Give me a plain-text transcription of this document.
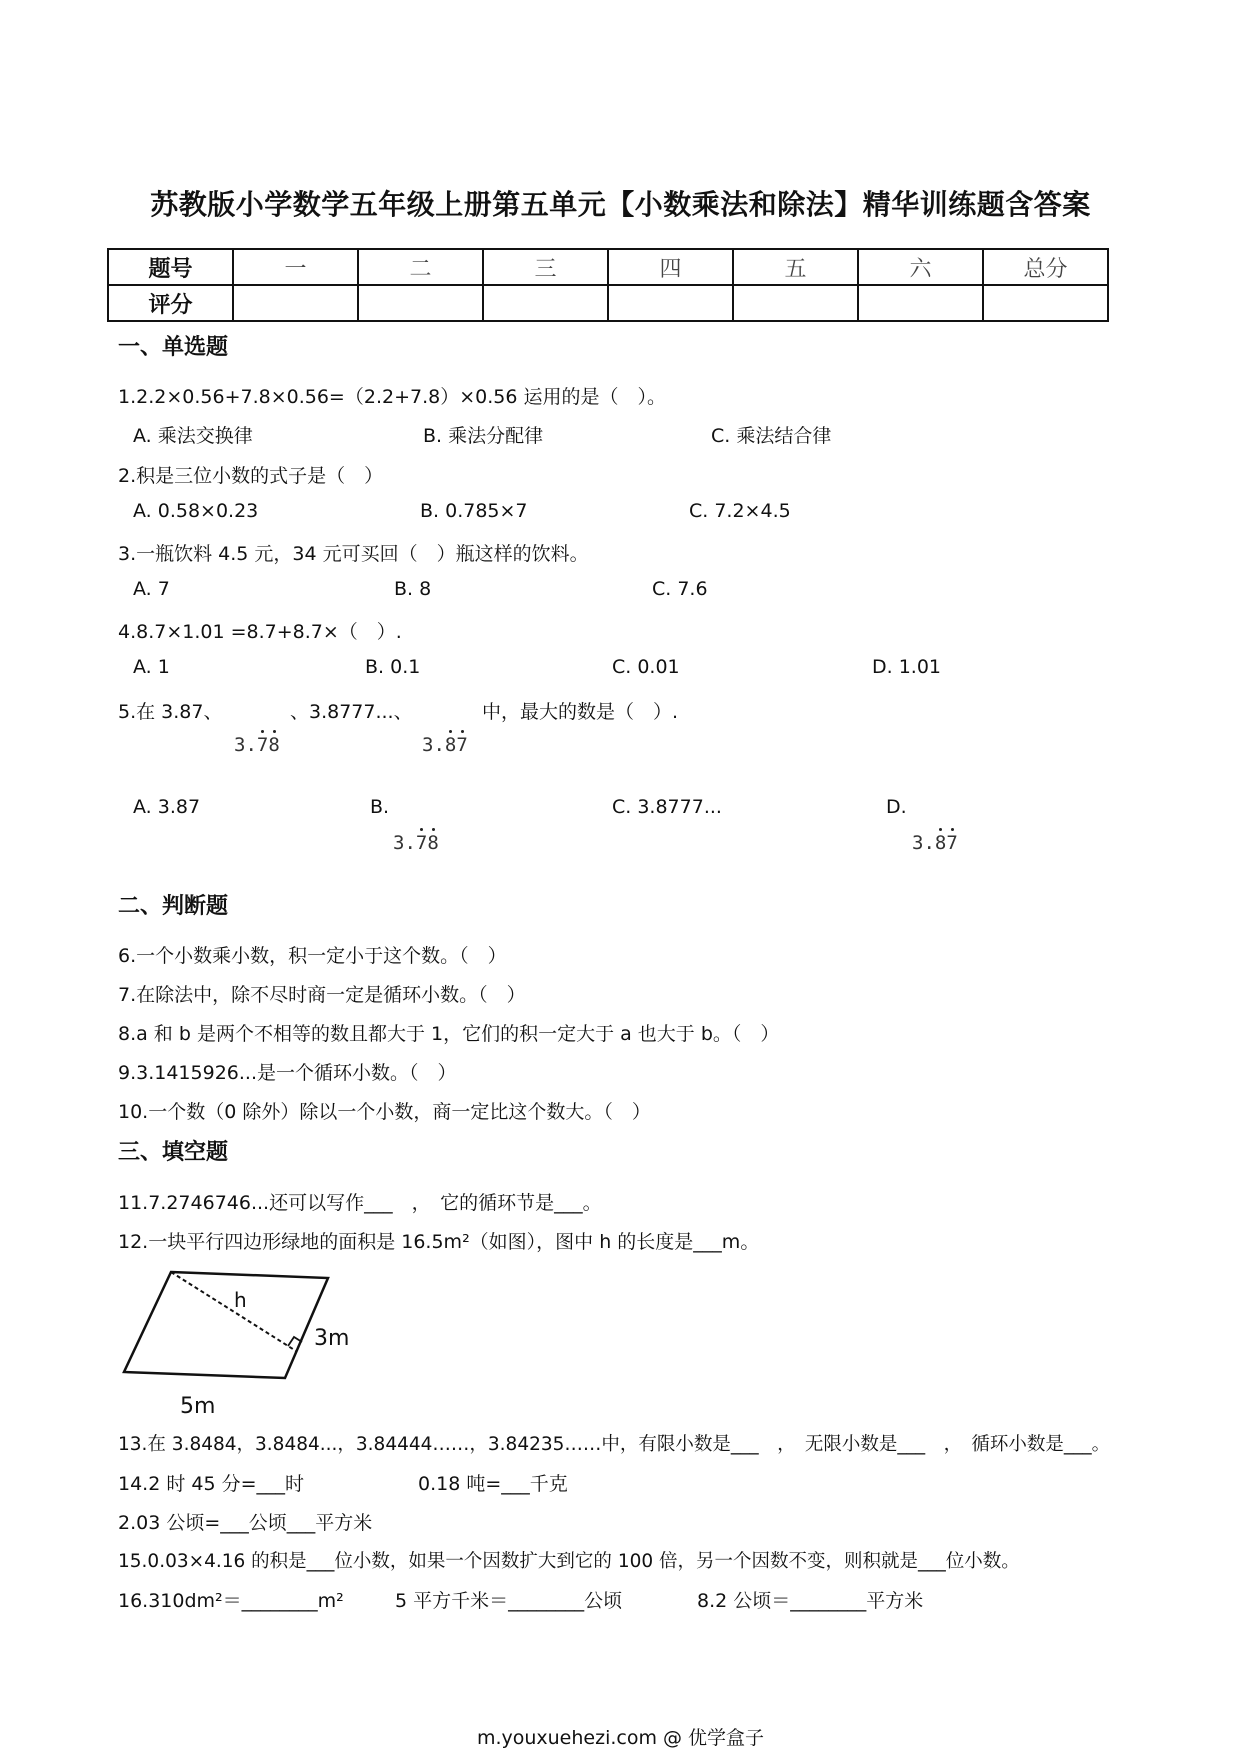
苏教版小学数学五年级上册第五单元【小数乘法和除法】精华训练题含答案
题号	一	二	三	四	五	六	总分
评分							
一、单选题
1.2.2×0.56+7.8×0.56=（2.2+7.8）×0.56 运用的是（　）。
A. 乘法交换律	B. 乘法分配律	C. 乘法结合律
2.积是三位小数的式子是（　）
A. 0.58×0.23	B. 0.785×7	C. 7.2×4.5
3.一瓶饮料 4.5 元，34 元可买回（　）瓶这样的饮料。
A. 7	B. 8	C. 7.6
4.8.7×1.01 =8.7+8.7×（　）.
A. 1	B. 0.1	C. 0.01	D. 1.01
5.在 3.87、	、3.8777...、	中，最大的数是（　）.
3.78	3.87
A. 3.87	B.	C. 3.8777...	D.
3.78	3.87
二、判断题
6.一个小数乘小数，积一定小于这个数。（　）
7.在除法中，除不尽时商一定是循环小数。（　）
8.a 和 b 是两个不相等的数且都大于 1，它们的积一定大于 a 也大于 b。（　）
9.3.1415926...是一个循环小数。（　）
10.一个数（0 除外）除以一个小数，商一定比这个数大。（　）
三、填空题
11.7.2746746...还可以写作___　，　它的循环节是___。
12.一块平行四边形绿地的面积是 16.5m²（如图），图中 h 的长度是___m。
h
3m
5m
13.在 3.8484，3.8484...，3.84444……，3.84235……中，有限小数是___　，　无限小数是___　，　循环小数是___。
14.2 时 45 分=___时	0.18 吨=___千克
2.03 公顷=___公顷___平方米
15.0.03×4.16 的积是___位小数，如果一个因数扩大到它的 100 倍，另一个因数不变，则积就是___位小数。
16.310dm²＝________m²	5 平方千米＝________公顷	8.2 公顷＝________平方米
m.youxuehezi.com @ 优学盒子
